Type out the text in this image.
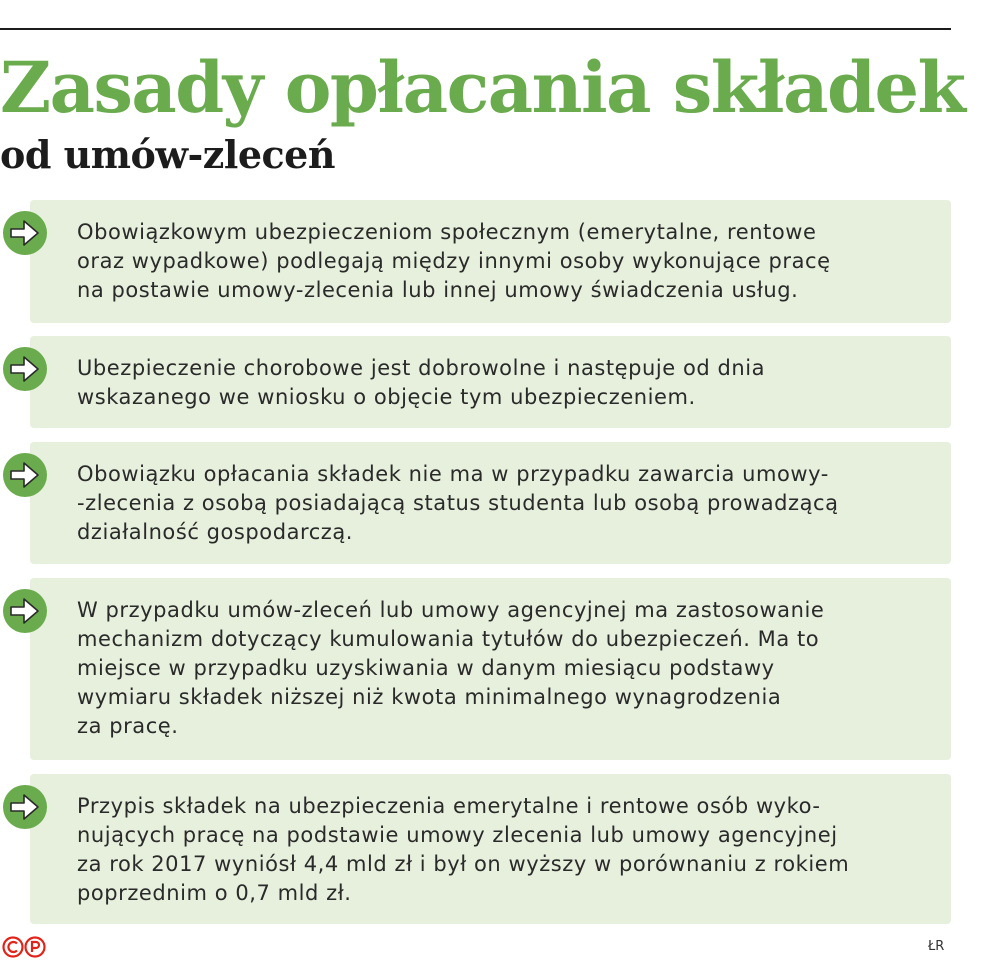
Zasady opłacania składek
od umów-zleceń

Obowiązkowym ubezpieczeniom społecznym (emerytalne, rentowe
oraz wypadkowe) podlegają między innymi osoby wykonujące pracę
na postawie umowy-zlecenia lub innej umowy świadczenia usług.

Ubezpieczenie chorobowe jest dobrowolne i następuje od dnia
wskazanego we wniosku o objęcie tym ubezpieczeniem.

Obowiązku opłacania składek nie ma w przypadku zawarcia umowy-
-zlecenia z osobą posiadającą status studenta lub osobą prowadzącą
działalność gospodarczą.

W przypadku umów-zleceń lub umowy agencyjnej ma zastosowanie
mechanizm dotyczący kumulowania tytułów do ubezpieczeń. Ma to
miejsce w przypadku uzyskiwania w danym miesiącu podstawy
wymiaru składek niższej niż kwota minimalnego wynagrodzenia
za pracę.

Przypis składek na ubezpieczenia emerytalne i rentowe osób wyko-
nujących pracę na podstawie umowy zlecenia lub umowy agencyjnej
za rok 2017 wyniósł 4,4 mld zł i był on wyższy w porównaniu z rokiem
poprzednim o 0,7 mld zł.

ŁR
